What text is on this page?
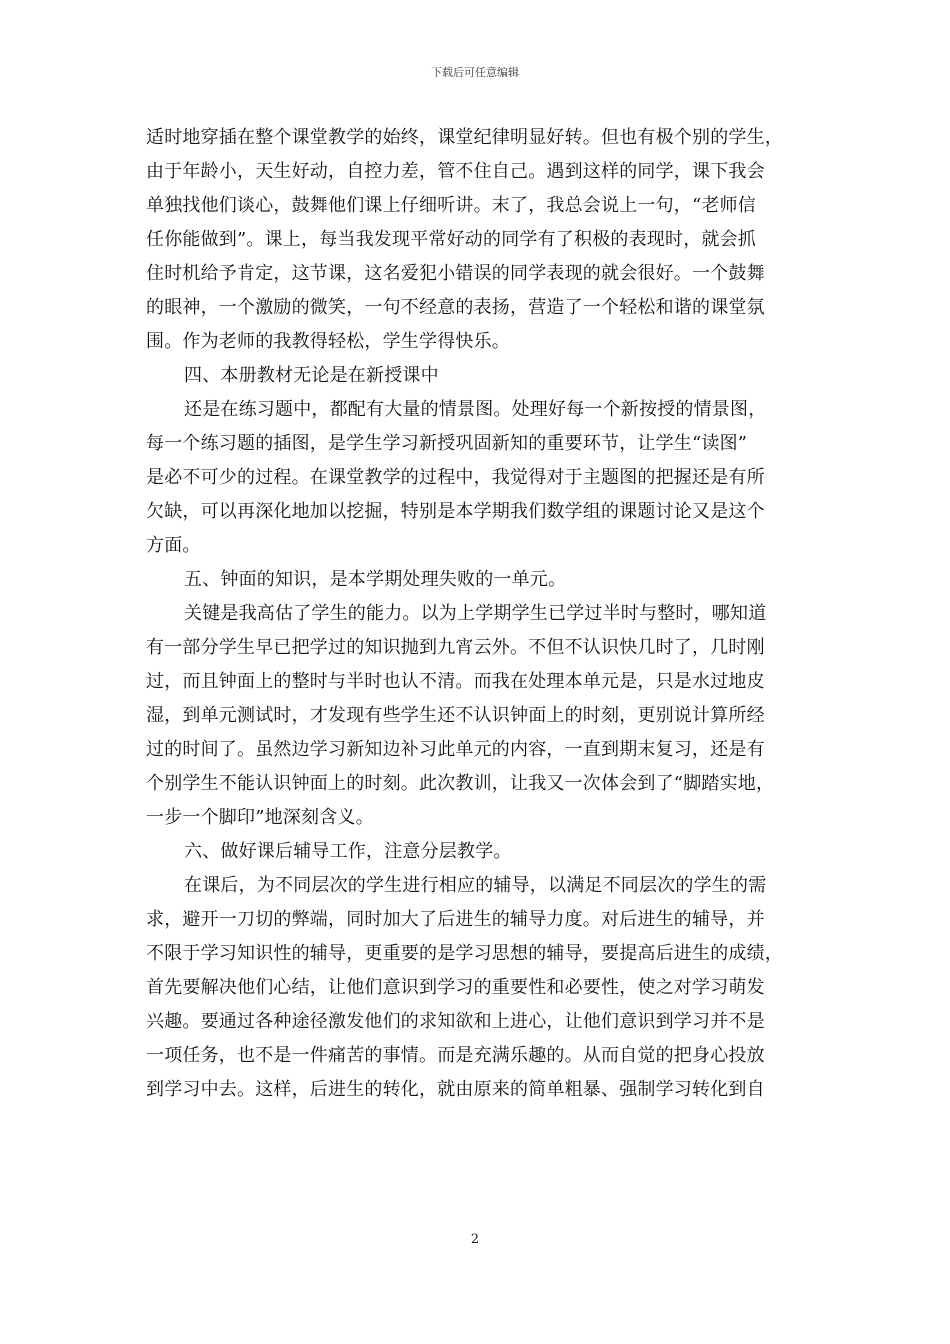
下载后可任意编辑
适时地穿插在整个课堂教学的始终，课堂纪律明显好转。但也有极个别的学生，
由于年龄小，天生好动，自控力差，管不住自己。遇到这样的同学，课下我会
单独找他们谈心，鼓舞他们课上仔细听讲。末了，我总会说上一句，“老师信
任你能做到”。课上，每当我发现平常好动的同学有了积极的表现时，就会抓
住时机给予肯定，这节课，这名爱犯小错误的同学表现的就会很好。一个鼓舞
的眼神，一个激励的微笑，一句不经意的表扬，营造了一个轻松和谐的课堂氛
围。作为老师的我教得轻松，学生学得快乐。
四、本册教材无论是在新授课中
还是在练习题中，都配有大量的情景图。处理好每一个新按授的情景图，
每一个练习题的插图，是学生学习新授巩固新知的重要环节，让学生“读图”
是必不可少的过程。在课堂教学的过程中，我觉得对于主题图的把握还是有所
欠缺，可以再深化地加以挖掘，特别是本学期我们数学组的课题讨论又是这个
方面。
五、钟面的知识，是本学期处理失败的一单元。
关键是我高估了学生的能力。以为上学期学生已学过半时与整时，哪知道
有一部分学生早已把学过的知识抛到九宵云外。不但不认识快几时了，几时刚
过，而且钟面上的整时与半时也认不清。而我在处理本单元是，只是水过地皮
湿，到单元测试时，才发现有些学生还不认识钟面上的时刻，更别说计算所经
过的时间了。虽然边学习新知边补习此单元的内容，一直到期末复习，还是有
个别学生不能认识钟面上的时刻。此次教训，让我又一次体会到了“脚踏实地，
一步一个脚印”地深刻含义。
六、做好课后辅导工作，注意分层教学。
在课后，为不同层次的学生进行相应的辅导，以满足不同层次的学生的需
求，避开一刀切的弊端，同时加大了后进生的辅导力度。对后进生的辅导，并
不限于学习知识性的辅导，更重要的是学习思想的辅导，要提高后进生的成绩，
首先要解决他们心结，让他们意识到学习的重要性和必要性，使之对学习萌发
兴趣。要通过各种途径激发他们的求知欲和上进心，让他们意识到学习并不是
一项任务，也不是一件痛苦的事情。而是充满乐趣的。从而自觉的把身心投放
到学习中去。这样，后进生的转化，就由原来的简单粗暴、强制学习转化到自
2
